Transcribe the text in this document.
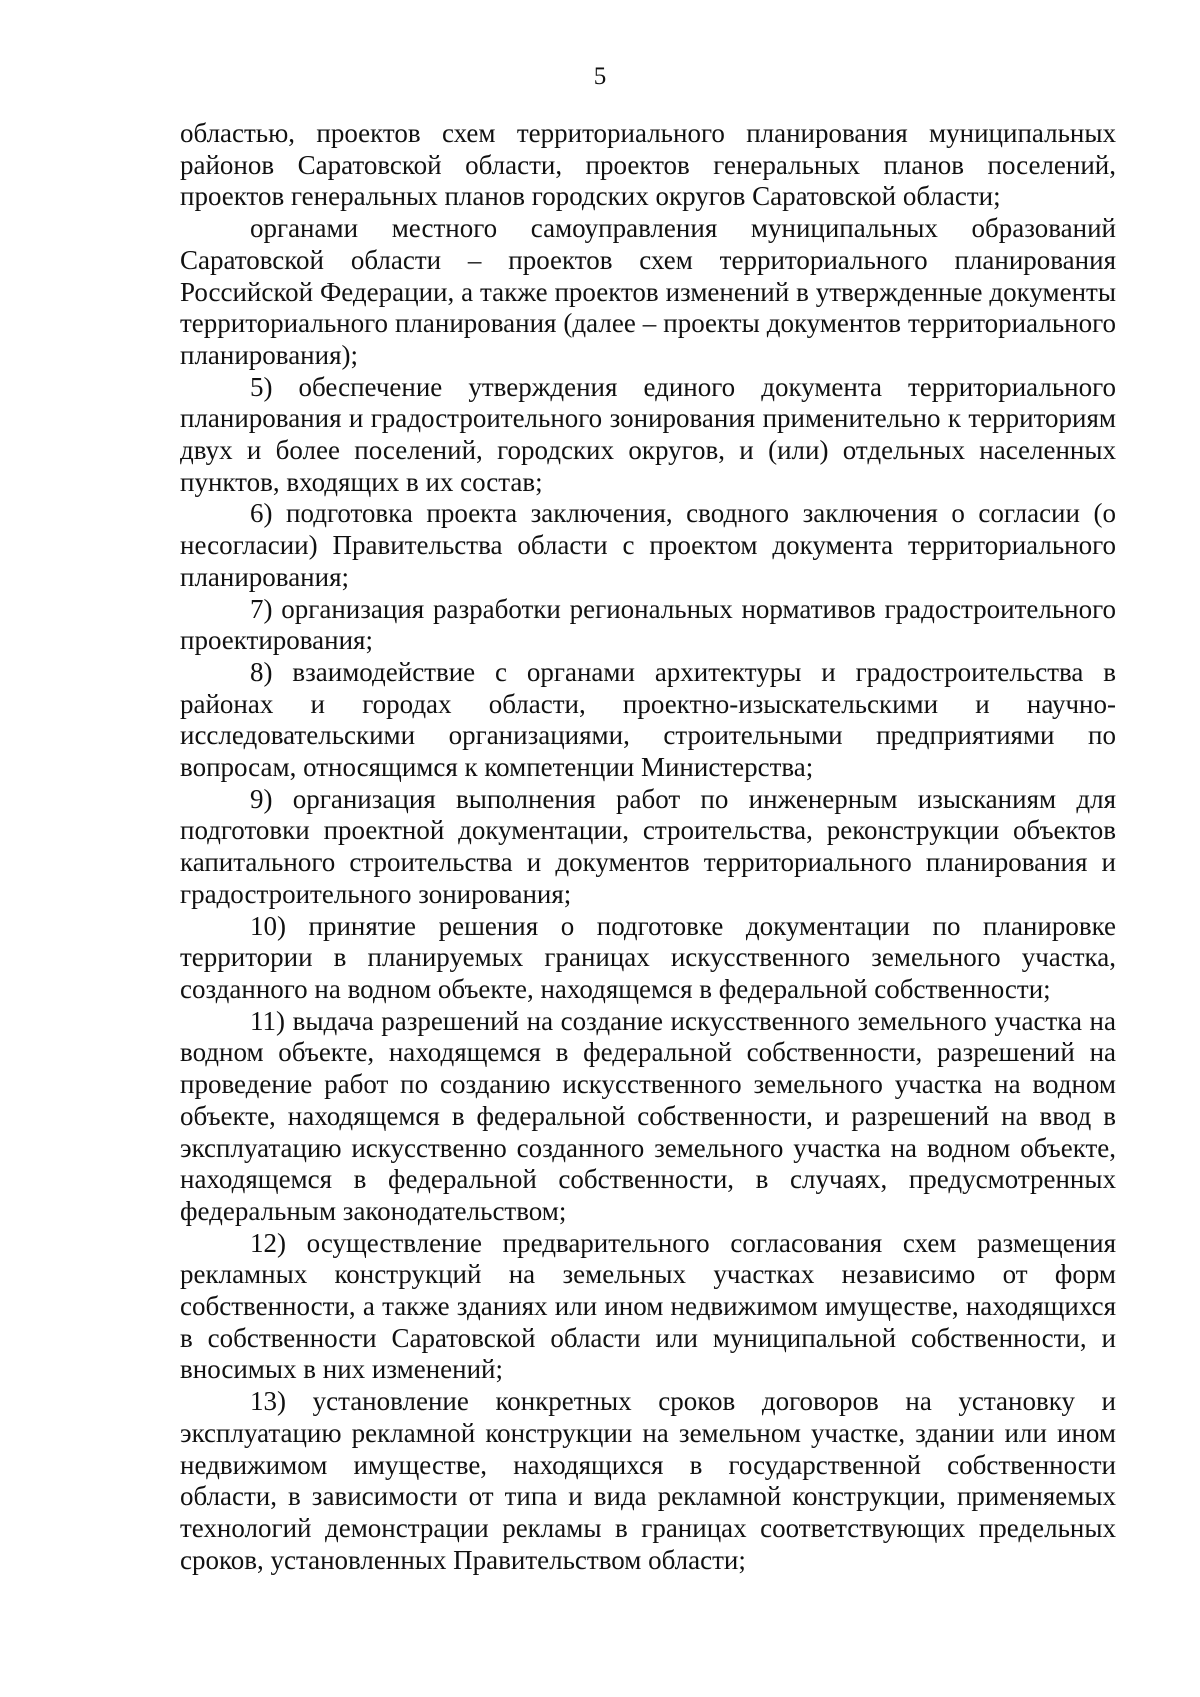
5

областью, проектов схем территориального планирования муниципальных районов Саратовской области, проектов генеральных планов поселений, проектов генеральных планов городских округов Саратовской области;

органами местного самоуправления муниципальных образований Саратовской области – проектов схем территориального планирования Российской Федерации, а также проектов изменений в утвержденные документы территориального планирования (далее – проекты документов территориального планирования);

5) обеспечение утверждения единого документа территориального планирования и градостроительного зонирования применительно к территориям двух и более поселений, городских округов, и (или) отдельных населенных пунктов, входящих в их состав;

6) подготовка проекта заключения, сводного заключения о согласии (о несогласии) Правительства области с проектом документа территориального планирования;

7) организация разработки региональных нормативов градостроительного проектирования;

8) взаимодействие с органами архитектуры и градостроительства в районах и городах области, проектно-изыскательскими и научно-исследовательскими организациями, строительными предприятиями по вопросам, относящимся к компетенции Министерства;

9) организация выполнения работ по инженерным изысканиям для подготовки проектной документации, строительства, реконструкции объектов капитального строительства и документов территориального планирования и градостроительного зонирования;

10) принятие решения о подготовке документации по планировке территории в планируемых границах искусственного земельного участка, созданного на водном объекте, находящемся в федеральной собственности;

11) выдача разрешений на создание искусственного земельного участка на водном объекте, находящемся в федеральной собственности, разрешений на проведение работ по созданию искусственного земельного участка на водном объекте, находящемся в федеральной собственности, и разрешений на ввод в эксплуатацию искусственно созданного земельного участка на водном объекте, находящемся в федеральной собственности, в случаях, предусмотренных федеральным законодательством;

12) осуществление предварительного согласования схем размещения рекламных конструкций на земельных участках независимо от форм собственности, а также зданиях или ином недвижимом имуществе, находящихся в собственности Саратовской области или муниципальной собственности, и вносимых в них изменений;

13) установление конкретных сроков договоров на установку и эксплуатацию рекламной конструкции на земельном участке, здании или ином недвижимом имуществе, находящихся в государственной собственности области, в зависимости от типа и вида рекламной конструкции, применяемых технологий демонстрации рекламы в границах соответствующих предельных сроков, установленных Правительством области;
